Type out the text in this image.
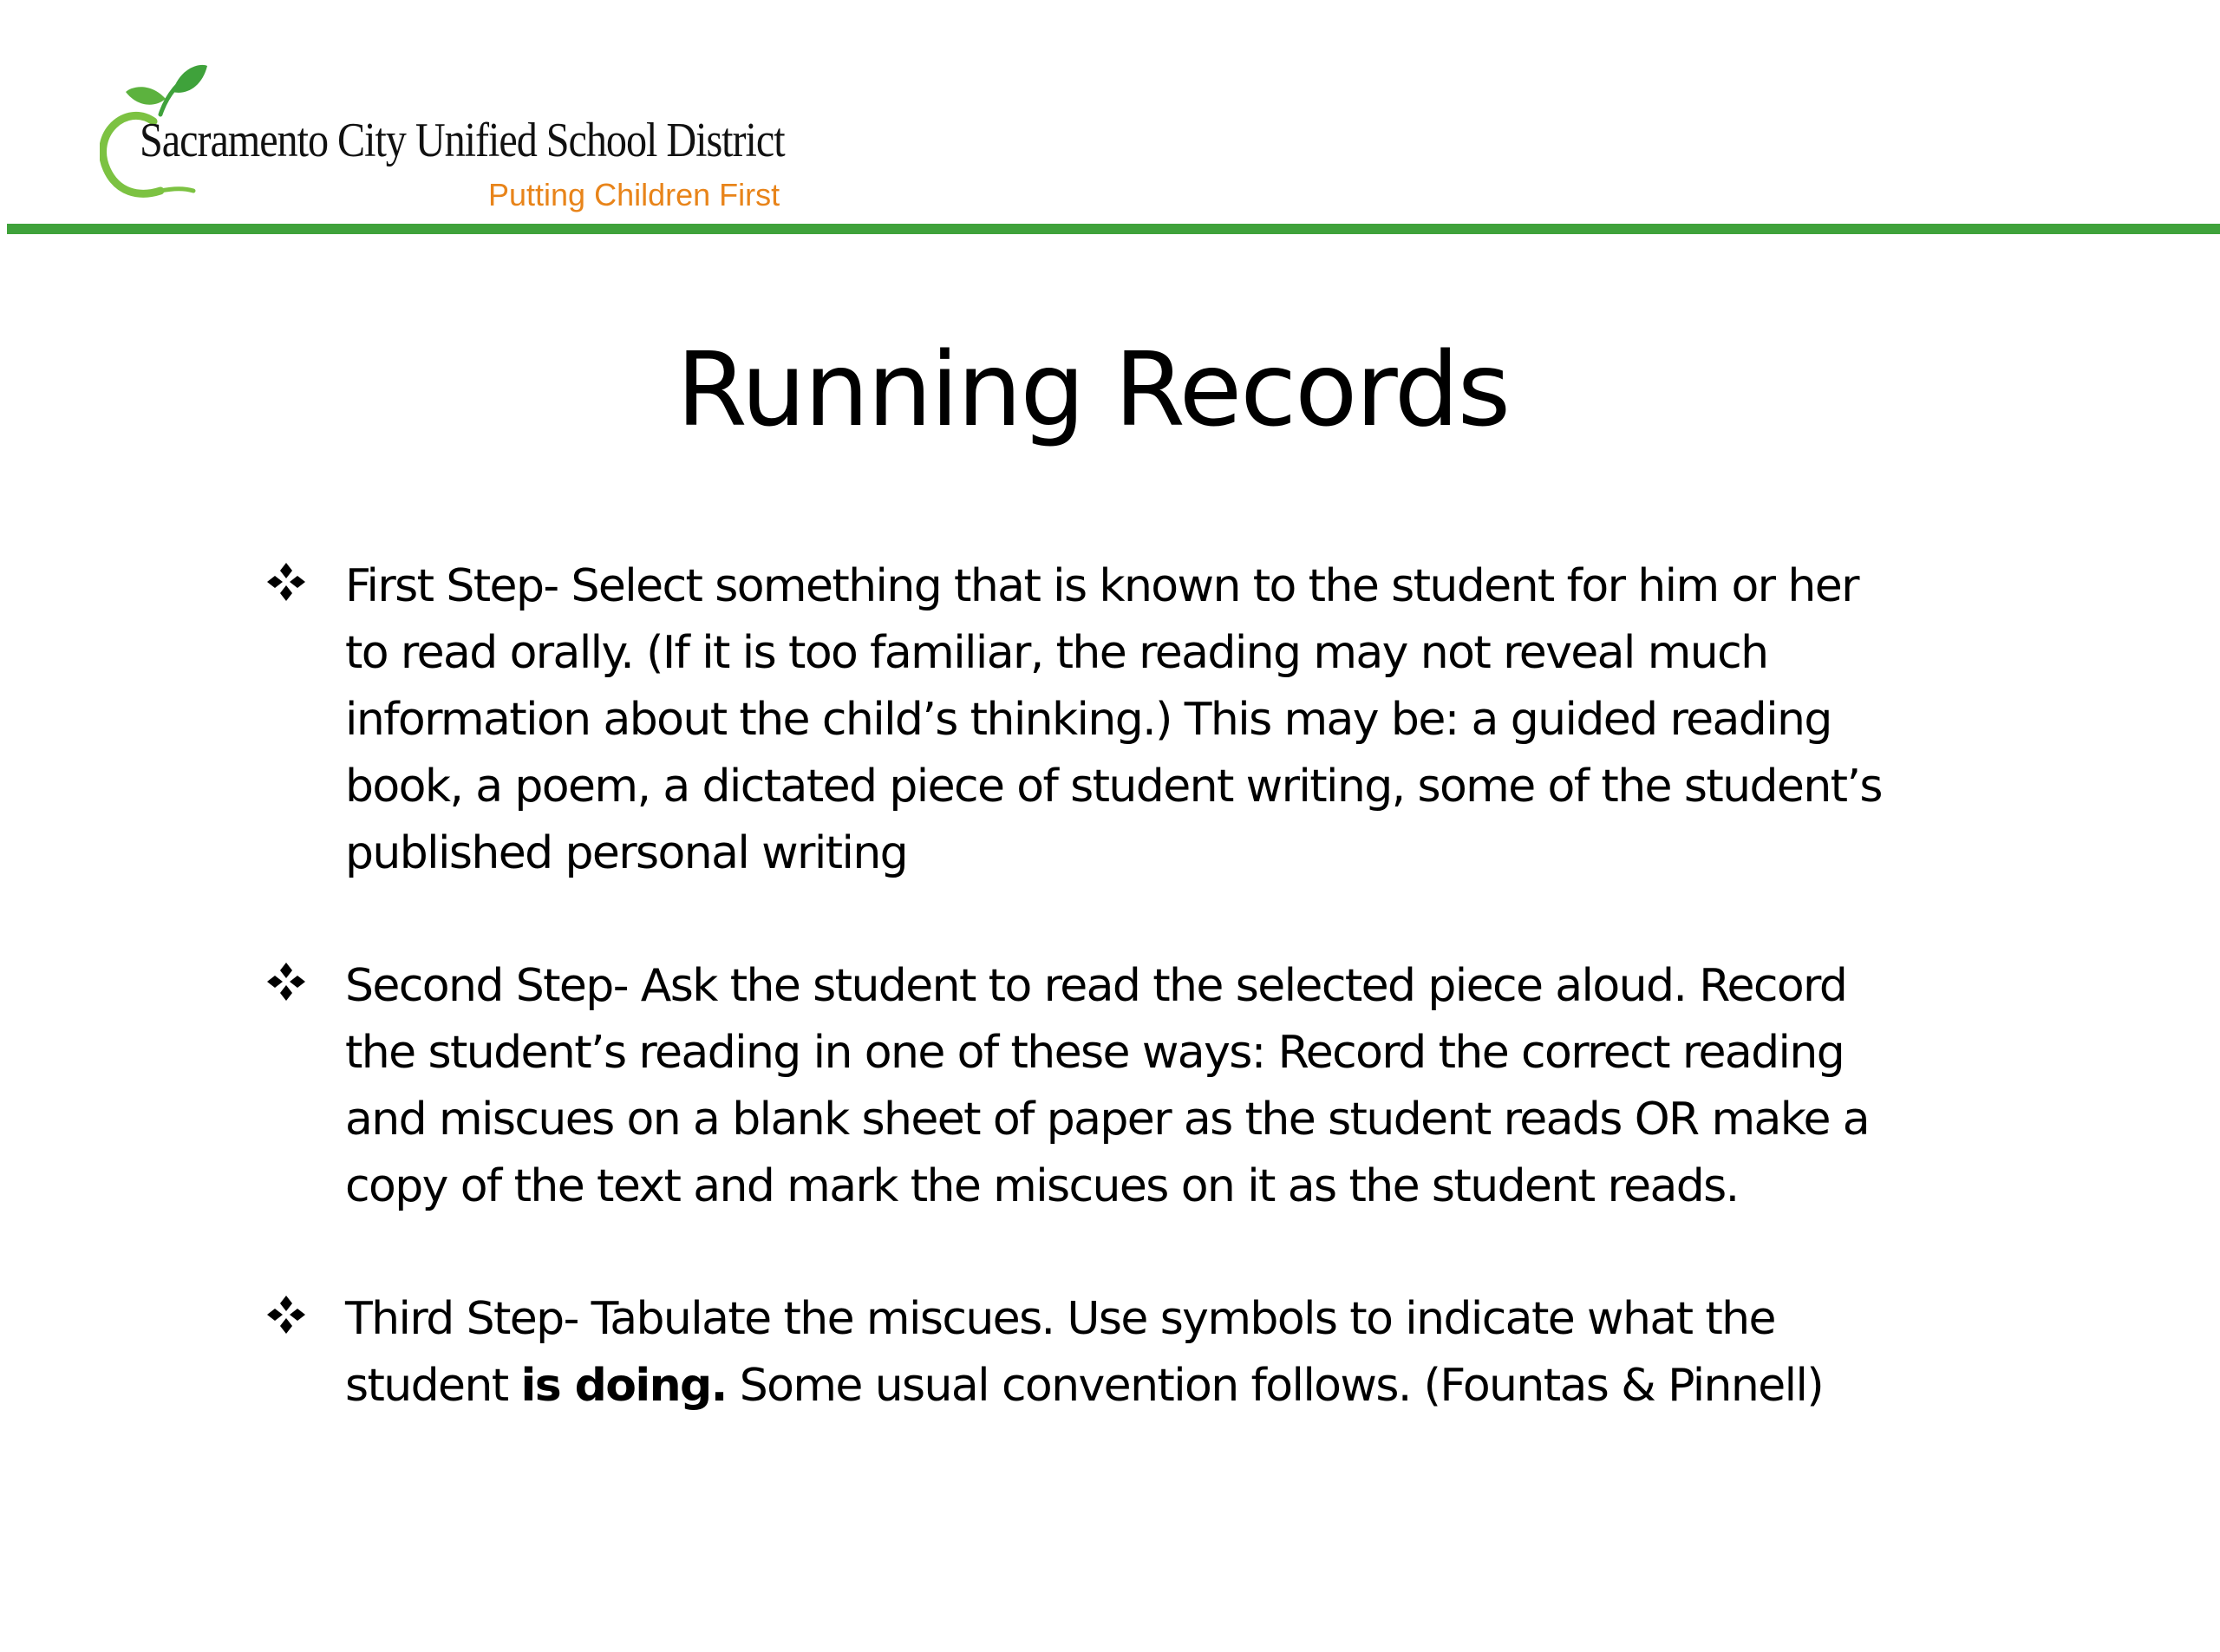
Sacramento City Unified School District
Putting Children First
Running Records
First Step- Select something that is known to the student for him or her
to read orally. (If it is too familiar, the reading may not reveal much
information about the child’s thinking.) This may be: a guided reading
book, a poem, a dictated piece of student writing, some of the student’s
published personal writing
Second Step- Ask the student to read the selected piece aloud. Record
the student’s reading in one of these ways: Record the correct reading
and miscues on a blank sheet of paper as the student reads OR make a
copy of the text and mark the miscues on it as the student reads.
Third Step- Tabulate the miscues. Use symbols to indicate what the
student is doing. Some usual convention follows. (Fountas & Pinnell)
